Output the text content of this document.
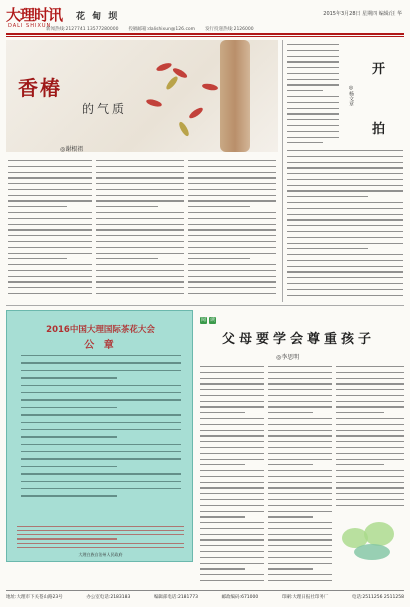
大理时讯
DALI SHIXUN
花 甸 坝	2015年3月28日 星期四 编辑/汪 华
新闻热线:2127741 13577280000 投稿邮箱:dalishixun@126.com 发行投递热线:2126000
香椿
的气质
◎谢根祖
开
拍
◎杨文章
2016中国大理国际茶花大会
公 章
大理白族自治州人民政府
阅 读
父母要学会尊重孩子
◎李思明
地址:大理市下关苍山路23号	办公室电话:2183183	编辑部电话:2181773	邮政编码:671000	印刷:大理日报社印务厂	电话:2511256 2511258
